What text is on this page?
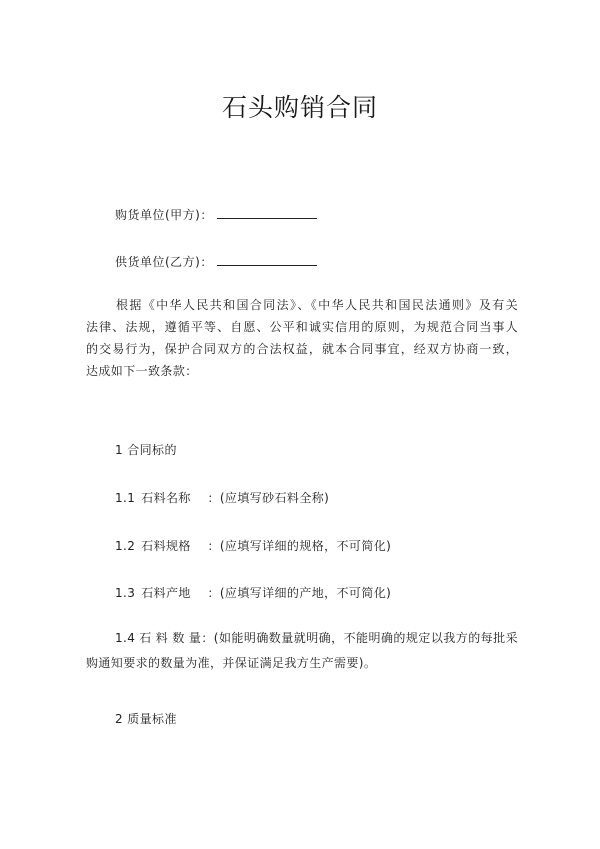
石头购销合同
购货单位(甲方)：
供货单位(乙方)：
根据《中华人民共和国合同法》、《中华人民共和国民法通则》及有关
法律、法规，遵循平等、自愿、公平和诚实信用的原则，为规范合同当事人
的交易行为，保护合同双方的合法权益，就本合同事宜，经双方协商一致，
达成如下一致条款：
1 合同标的
1.1 石料名称 ：(应填写砂石料全称)
1.2 石料规格 ：(应填写详细的规格，不可简化)
1.3 石料产地 ：(应填写详细的产地，不可简化)
1.4 石料数量：(如能明确数量就明确，不能明确的规定以我方的每批采
购通知要求的数量为准，并保证满足我方生产需要)。
2 质量标准
